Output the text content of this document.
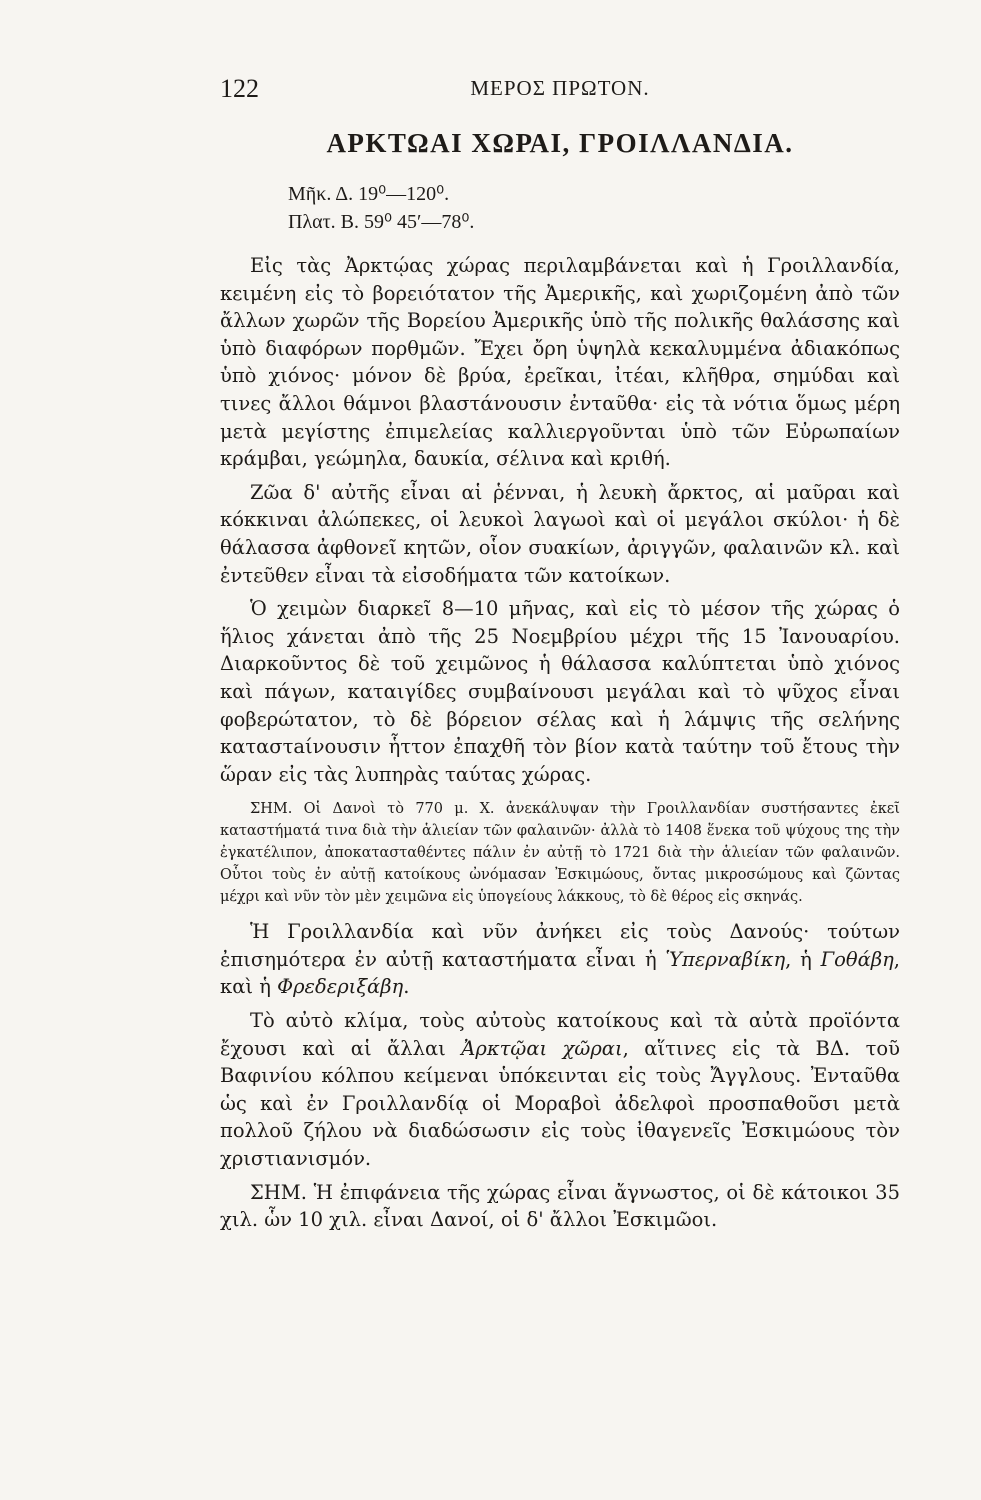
122	ΜΕΡΟΣ ΠΡΩΤΟΝ.
ΑΡΚΤΩΑΙ ΧΩΡΑΙ, ΓΡΟΙΛΛΑΝΔΙΑ.
Μῆκ. Δ. 19⁰—120⁰.
Πλατ. Β. 59⁰ 45′—78⁰.

Εἰς τὰς Ἀρκτῴας χώρας περιλαμβάνεται καὶ ἡ Γροιλλανδία, κειμένη εἰς τὸ βορειότατον τῆς Ἀμερικῆς, καὶ χωριζομένη ἀπὸ τῶν ἄλλων χωρῶν τῆς Βορείου Ἀμερικῆς ὑπὸ τῆς πολικῆς θαλάσσης καὶ ὑπὸ διαφόρων πορθμῶν. Ἔχει ὄρη ὑψηλὰ κεκαλυμμένα ἀδιακόπως ὑπὸ χιόνος· μόνον δὲ βρύα, ἐρεῖκαι, ἰτέαι, κλῆθρα, σημύδαι καὶ τινες ἄλλοι θάμνοι βλαστάνουσιν ἐνταῦθα· εἰς τὰ νότια ὅμως μέρη μετὰ μεγίστης ἐπιμελείας καλλιεργοῦνται ὑπὸ τῶν Εὐρωπαίων κράμβαι, γεώμηλα, δαυκία, σέλινα καὶ κριθή.

Ζῶα δ' αὐτῆς εἶναι αἱ ῥένναι, ἡ λευκὴ ἄρκτος, αἱ μαῦραι καὶ κόκκιναι ἀλώπεκες, οἱ λευκοὶ λαγωοὶ καὶ οἱ μεγάλοι σκύλοι· ἡ δὲ θάλασσα ἀφθονεῖ κητῶν, οἷον συακίων, ἀριγγῶν, φαλαινῶν κλ. καὶ ἐντεῦθεν εἶναι τὰ εἰσοδήματα τῶν κατοίκων.

Ὁ χειμὼν διαρκεῖ 8—10 μῆνας, καὶ εἰς τὸ μέσον τῆς χώρας ὁ ἥλιος χάνεται ἀπὸ τῆς 25 Νοεμβρίου μέχρι τῆς 15 Ἰανουαρίου. Διαρκοῦντος δὲ τοῦ χειμῶνος ἡ θάλασσα καλύπτεται ὑπὸ χιόνος καὶ πάγων, καταιγίδες συμβαίνουσι μεγάλαι καὶ τὸ ψῦχος εἶναι φοβερώτατον, τὸ δὲ βόρειον σέλας καὶ ἡ λάμψις τῆς σελήνης καταστaίνουσιν ἧττον ἐπαχθῆ τὸν βίον κατὰ ταύτην τοῦ ἔτους τὴν ὥραν εἰς τὰς λυπηρὰς ταύτας χώρας.

ΣΗΜ. Οἱ Δανοὶ τὸ 770 μ. Χ. ἀνεκάλυψαν τὴν Γροιλλανδίαν συστήσαντες ἐκεῖ καταστήματά τινα διὰ τὴν ἁλιείαν τῶν φαλαινῶν· ἀλλὰ τὸ 1408 ἕνεκα τοῦ ψύχους της τὴν ἐγκατέλιπον, ἀποκατασταθέντες πάλιν ἐν αὐτῇ τὸ 1721 διὰ τὴν ἁλιείαν τῶν φαλαινῶν. Οὗτοι τοὺς ἐν αὐτῇ κατοίκους ὠνόμασαν Ἐσκιμώους, ὄντας μικροσώμους καὶ ζῶντας μέχρι καὶ νῦν τὸν μὲν χειμῶνα εἰς ὑπογείους λάκκους, τὸ δὲ θέρος εἰς σκηνάς.

Ἡ Γροιλλανδία καὶ νῦν ἀνήκει εἰς τοὺς Δανούς· τούτων ἐπισημότερα ἐν αὐτῇ καταστήματα εἶναι ἡ Ὑπερναβίκη, ἡ Γοθάβη, καὶ ἡ Φρεδεριξάβη.

Τὸ αὐτὸ κλίμα, τοὺς αὐτοὺς κατοίκους καὶ τὰ αὐτὰ προϊόντα ἔχουσι καὶ αἱ ἄλλαι Ἀρκτῷαι χῶραι, αἵτινες εἰς τὰ ΒΔ. τοῦ Βαφινίου κόλπου κείμεναι ὑπόκεινται εἰς τοὺς Ἄγγλους. Ἐνταῦθα ὡς καὶ ἐν Γροιλλανδίᾳ οἱ Μοραβοὶ ἀδελφοὶ προσπαθοῦσι μετὰ πολλοῦ ζήλου νὰ διαδώσωσιν εἰς τοὺς ἰθαγενεῖς Ἐσκιμώους τὸν χριστιανισμόν.

ΣΗΜ. Ἡ ἐπιφάνεια τῆς χώρας εἶναι ἄγνωστος, οἱ δὲ κάτοικοι 35 χιλ. ὧν 10 χιλ. εἶναι Δανοί, οἱ δ' ἄλλοι Ἐσκιμῶοι.
